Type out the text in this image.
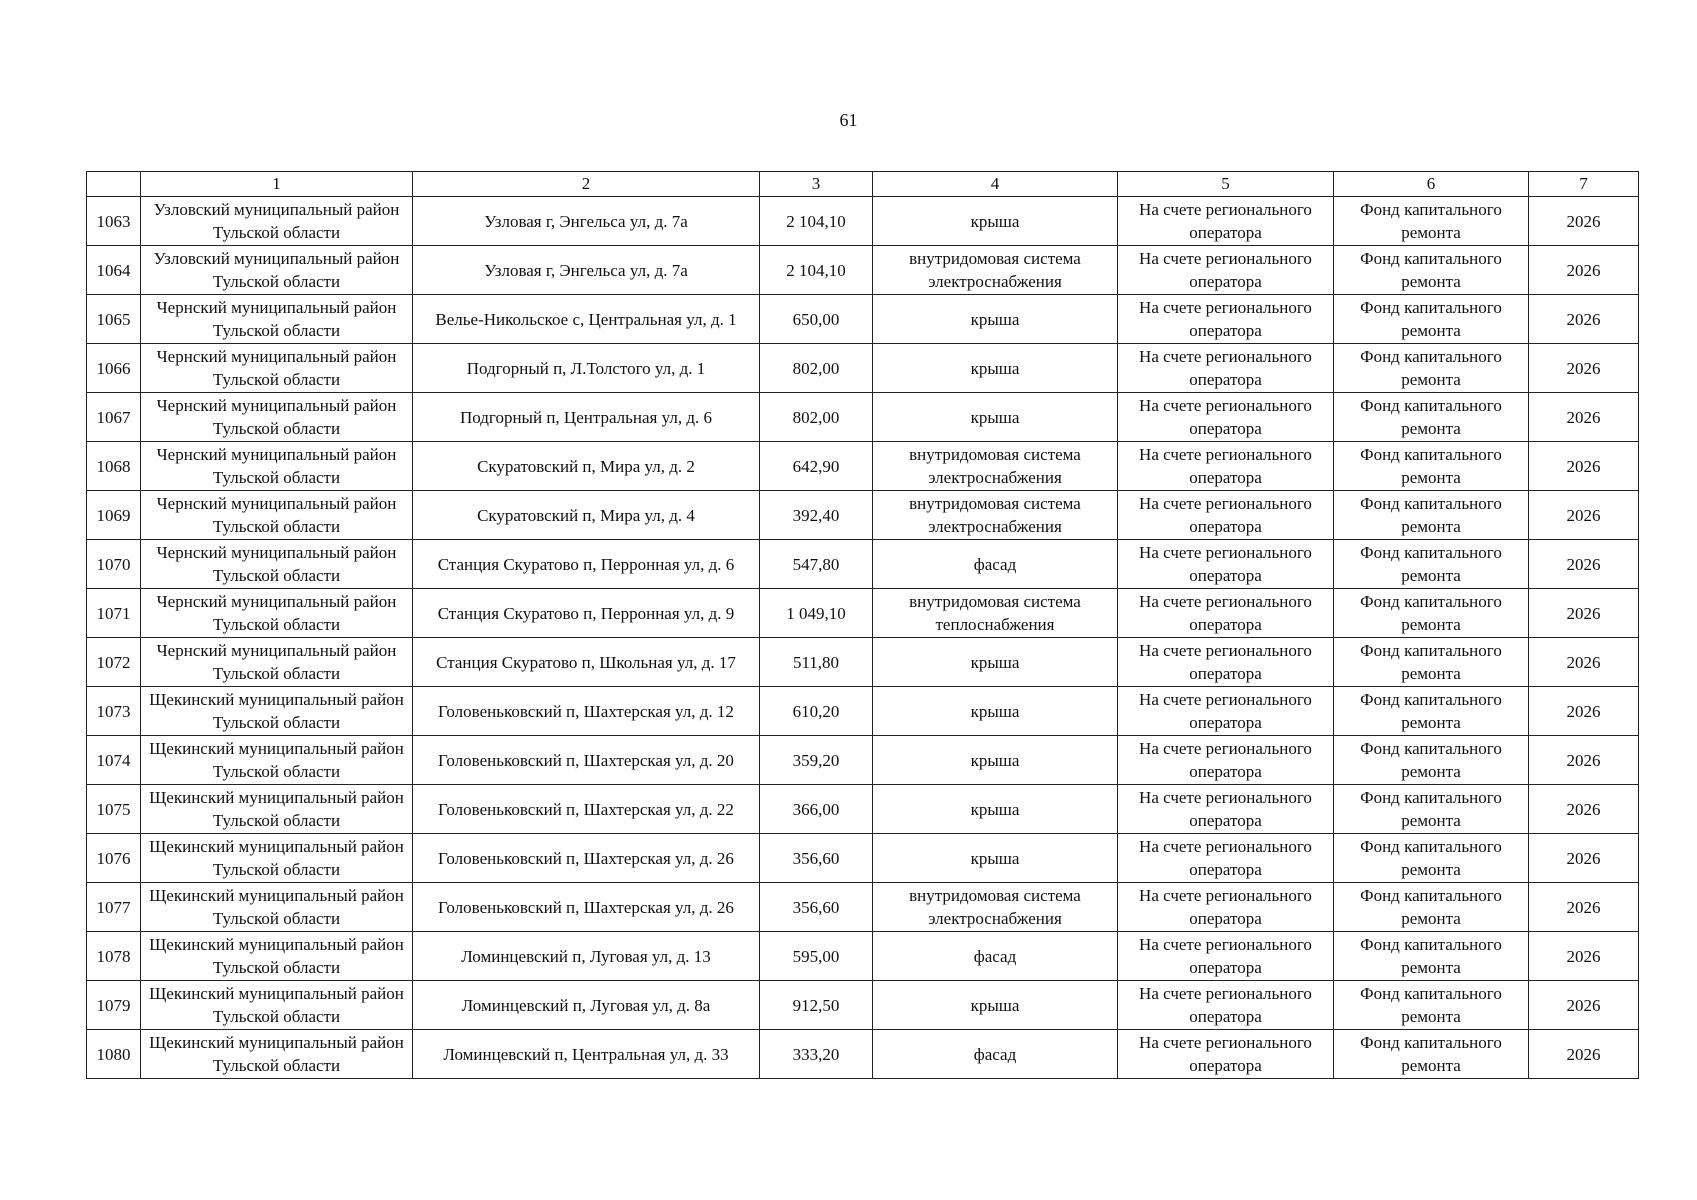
61
	1	2	3	4	5	6	7
1063	Узловский муниципальный район Тульской области	Узловая г, Энгельса ул, д. 7а	2 104,10	крыша	На счете регионального оператора	Фонд капитального ремонта	2026
1064	Узловский муниципальный район Тульской области	Узловая г, Энгельса ул, д. 7а	2 104,10	внутридомовая система электроснабжения	На счете регионального оператора	Фонд капитального ремонта	2026
1065	Чернский муниципальный район Тульской области	Велье-Никольское с, Центральная ул, д. 1	650,00	крыша	На счете регионального оператора	Фонд капитального ремонта	2026
1066	Чернский муниципальный район Тульской области	Подгорный п, Л.Толстого ул, д. 1	802,00	крыша	На счете регионального оператора	Фонд капитального ремонта	2026
1067	Чернский муниципальный район Тульской области	Подгорный п, Центральная ул, д. 6	802,00	крыша	На счете регионального оператора	Фонд капитального ремонта	2026
1068	Чернский муниципальный район Тульской области	Скуратовский п, Мира ул, д. 2	642,90	внутридомовая система электроснабжения	На счете регионального оператора	Фонд капитального ремонта	2026
1069	Чернский муниципальный район Тульской области	Скуратовский п, Мира ул, д. 4	392,40	внутридомовая система электроснабжения	На счете регионального оператора	Фонд капитального ремонта	2026
1070	Чернский муниципальный район Тульской области	Станция Скуратово п, Перронная ул, д. 6	547,80	фасад	На счете регионального оператора	Фонд капитального ремонта	2026
1071	Чернский муниципальный район Тульской области	Станция Скуратово п, Перронная ул, д. 9	1 049,10	внутридомовая система теплоснабжения	На счете регионального оператора	Фонд капитального ремонта	2026
1072	Чернский муниципальный район Тульской области	Станция Скуратово п, Школьная ул, д. 17	511,80	крыша	На счете регионального оператора	Фонд капитального ремонта	2026
1073	Щекинский муниципальный район Тульской области	Головеньковский п, Шахтерская ул, д. 12	610,20	крыша	На счете регионального оператора	Фонд капитального ремонта	2026
1074	Щекинский муниципальный район Тульской области	Головеньковский п, Шахтерская ул, д. 20	359,20	крыша	На счете регионального оператора	Фонд капитального ремонта	2026
1075	Щекинский муниципальный район Тульской области	Головеньковский п, Шахтерская ул, д. 22	366,00	крыша	На счете регионального оператора	Фонд капитального ремонта	2026
1076	Щекинский муниципальный район Тульской области	Головеньковский п, Шахтерская ул, д. 26	356,60	крыша	На счете регионального оператора	Фонд капитального ремонта	2026
1077	Щекинский муниципальный район Тульской области	Головеньковский п, Шахтерская ул, д. 26	356,60	внутридомовая система электроснабжения	На счете регионального оператора	Фонд капитального ремонта	2026
1078	Щекинский муниципальный район Тульской области	Ломинцевский п, Луговая ул, д. 13	595,00	фасад	На счете регионального оператора	Фонд капитального ремонта	2026
1079	Щекинский муниципальный район Тульской области	Ломинцевский п, Луговая ул, д. 8а	912,50	крыша	На счете регионального оператора	Фонд капитального ремонта	2026
1080	Щекинский муниципальный район Тульской области	Ломинцевский п, Центральная ул, д. 33	333,20	фасад	На счете регионального оператора	Фонд капитального ремонта	2026
